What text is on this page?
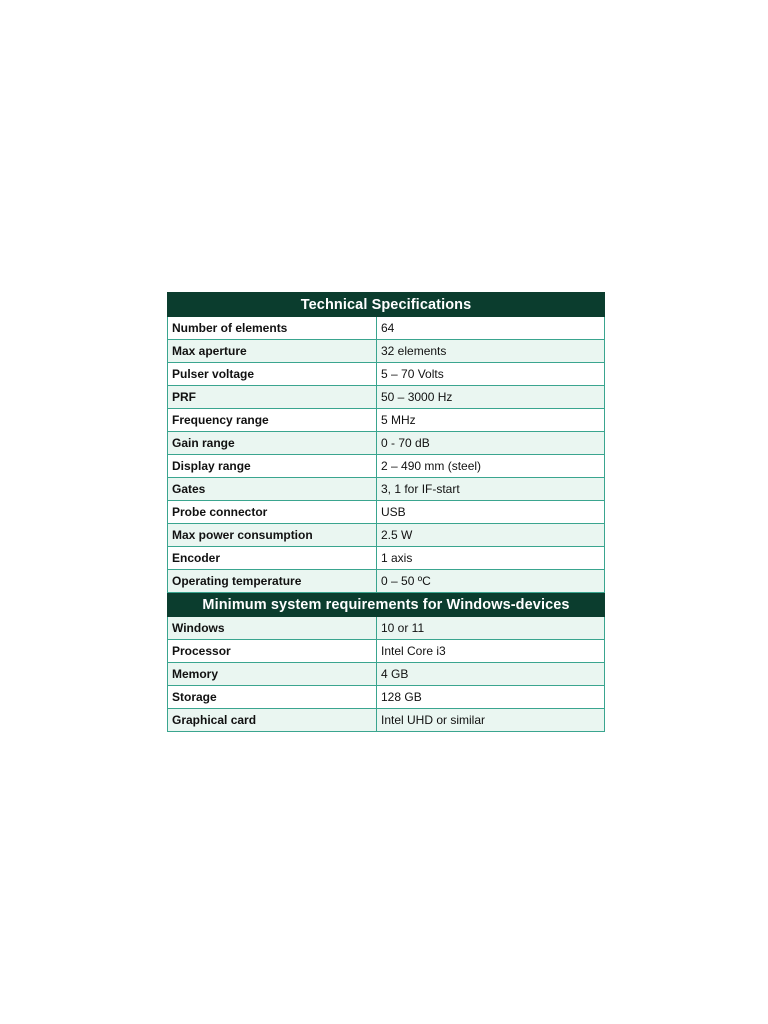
Technical Specifications	
Number of elements	64
Max aperture	32 elements
Pulser voltage	5 – 70 Volts
PRF	50 – 3000 Hz
Frequency range	5 MHz
Gain range	0 - 70 dB
Display range	2 – 490 mm (steel)
Gates	3, 1 for IF-start
Probe connector	USB
Max power consumption	2.5 W
Encoder	1 axis
Operating temperature	0 – 50 ºC
Minimum system requirements for Windows-devices	
Windows	10 or 11
Processor	Intel Core i3
Memory	4 GB
Storage	128 GB
Graphical card	Intel UHD or similar
